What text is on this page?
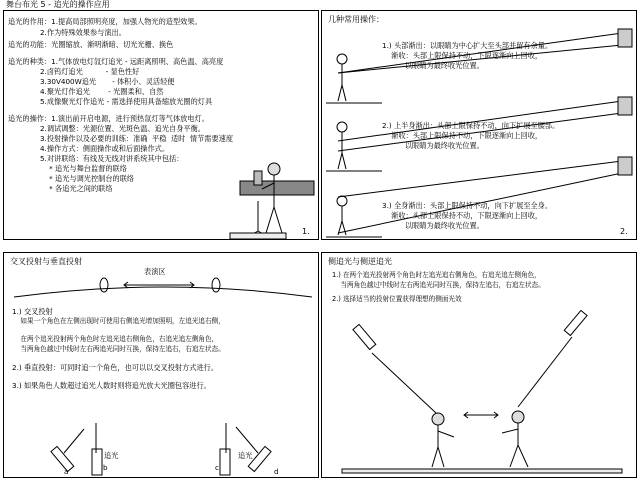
舞台布光 5 - 追光的操作应用
追光的作用：1.提高局部照明亮度，加强人物光的造型效果。
2.作为特殊效果参与演出。
追光的功能：光圈缩放、渐明渐暗、切光光栅、换色
追光的种类：1.气体放电灯氙灯追光 - 远距离照明、高色温、高亮度
2.卤钨灯追光          - 显色性好
3.30V400W追光       - 体积小、灵活轻便
4.聚光灯作追光        - 光圈柔和、自然
5.成像聚光灯作追光 - 需选择使用具备缩放光圈的灯具
追光的操作：1.演出前开启电源，进行预热氙灯等气体放电灯。
2.调试调整：光源位置、光斑色温、追光自身平衡。
3.投射操作以及必要的训练：准确  平稳  适时  情节需要速度
4.操作方式：侧面操作或和后面操作式。
5.对讲联络：有线及无线对讲系统其中包括：
* 追光与舞台监督的联络
* 追光与调光控制台的联络
* 各追光之间的联络
1.
几种常用操作：
1.) 头部渐出：以眼睛为中心扩大至头部并留有余量。
渐收：头部上限保持不动，下限逐渐向上回收，
以眼睛为最终收光位置。
2.) 上半身渐出：头部上限保持不动，向下扩展至腰部。
渐收：头部上限保持不动，下限逐渐向上回收，
以眼睛为最终收光位置。
3.) 全身渐出：头部上限保持不动，向下扩展至全身。
渐收：头部上限保持不动，下限逐渐向上回收，
以眼睛为最终收光位置。
2.
交叉投射与垂直投射
表演区
1.) 交叉投射
如果一个角色在左侧出现时可使用右侧追光增加照明，左追光追右侧，
在两个追光投射两个角色时左追光追右侧角色，右追光追左侧角色，
当两角色越过中线时左右两追光同时互换，保持左追右，右追左状态。
2.) 垂直投射：可同时追一个角色，也可以以交叉投射方式进行。
3.) 如果角色人数超过追光人数时则将追光放大光圈包容进行。
a	b	c	d
追光	追光
侧追光与侧逆追光
1.) 在两个追光投射两个角色时左追光追右侧角色，右追光追左侧角色，
当两角色越过中线时左右两追光同时互换，保持左追右，右追左状态。
2.) 选择适当的投射位置获得理想的侧面光效
